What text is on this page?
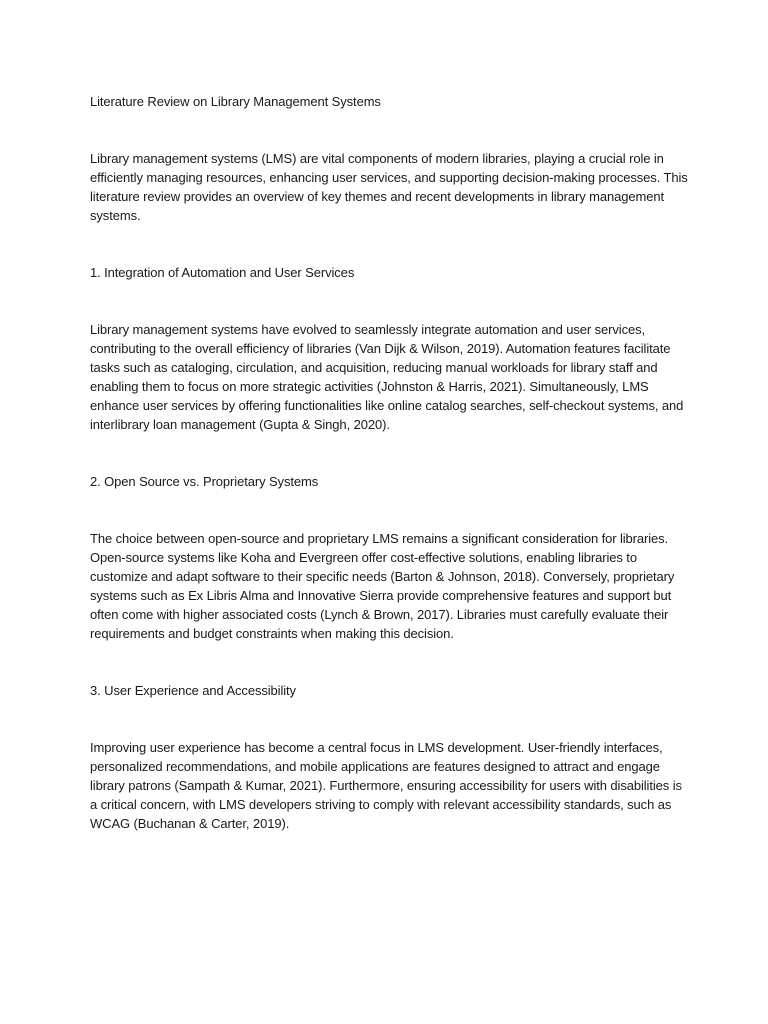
Literature Review on Library Management Systems

Library management systems (LMS) are vital components of modern libraries, playing a crucial role in efficiently managing resources, enhancing user services, and supporting decision-making processes. This literature review provides an overview of key themes and recent developments in library management systems.

1. Integration of Automation and User Services

Library management systems have evolved to seamlessly integrate automation and user services, contributing to the overall efficiency of libraries (Van Dijk & Wilson, 2019). Automation features facilitate tasks such as cataloging, circulation, and acquisition, reducing manual workloads for library staff and enabling them to focus on more strategic activities (Johnston & Harris, 2021). Simultaneously, LMS enhance user services by offering functionalities like online catalog searches, self-checkout systems, and interlibrary loan management (Gupta & Singh, 2020).

2. Open Source vs. Proprietary Systems

The choice between open-source and proprietary LMS remains a significant consideration for libraries. Open-source systems like Koha and Evergreen offer cost-effective solutions, enabling libraries to customize and adapt software to their specific needs (Barton & Johnson, 2018). Conversely, proprietary systems such as Ex Libris Alma and Innovative Sierra provide comprehensive features and support but often come with higher associated costs (Lynch & Brown, 2017). Libraries must carefully evaluate their requirements and budget constraints when making this decision.

3. User Experience and Accessibility

Improving user experience has become a central focus in LMS development. User-friendly interfaces, personalized recommendations, and mobile applications are features designed to attract and engage library patrons (Sampath & Kumar, 2021). Furthermore, ensuring accessibility for users with disabilities is a critical concern, with LMS developers striving to comply with relevant accessibility standards, such as WCAG (Buchanan & Carter, 2019).
